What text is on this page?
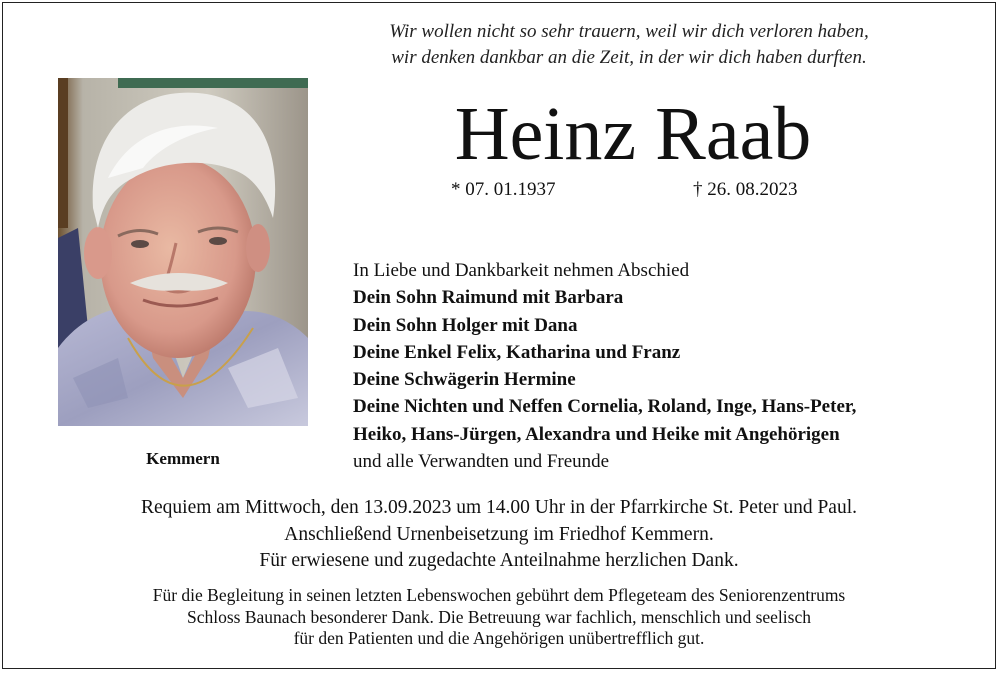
Wir wollen nicht so sehr trauern, weil wir dich verloren haben,
wir denken dankbar an die Zeit, in der wir dich haben durften.
Heinz Raab
* 07. 01.1937	† 26. 08.2023
Kemmern
In Liebe und Dankbarkeit nehmen Abschied
Dein Sohn Raimund mit Barbara
Dein Sohn Holger mit Dana
Deine Enkel Felix, Katharina und Franz
Deine Schwägerin Hermine
Deine Nichten und Neffen Cornelia, Roland, Inge, Hans-Peter,
Heiko, Hans-Jürgen, Alexandra und Heike mit Angehörigen
und alle Verwandten und Freunde
Requiem am Mittwoch, den 13.09.2023 um 14.00 Uhr in der Pfarrkirche St. Peter und Paul.
Anschließend Urnenbeisetzung im Friedhof Kemmern.
Für erwiesene und zugedachte Anteilnahme herzlichen Dank.
Für die Begleitung in seinen letzten Lebenswochen gebührt dem Pflegeteam des Seniorenzentrums
Schloss Baunach besonderer Dank. Die Betreuung war fachlich, menschlich und seelisch
für den Patienten und die Angehörigen unübertrefflich gut.
